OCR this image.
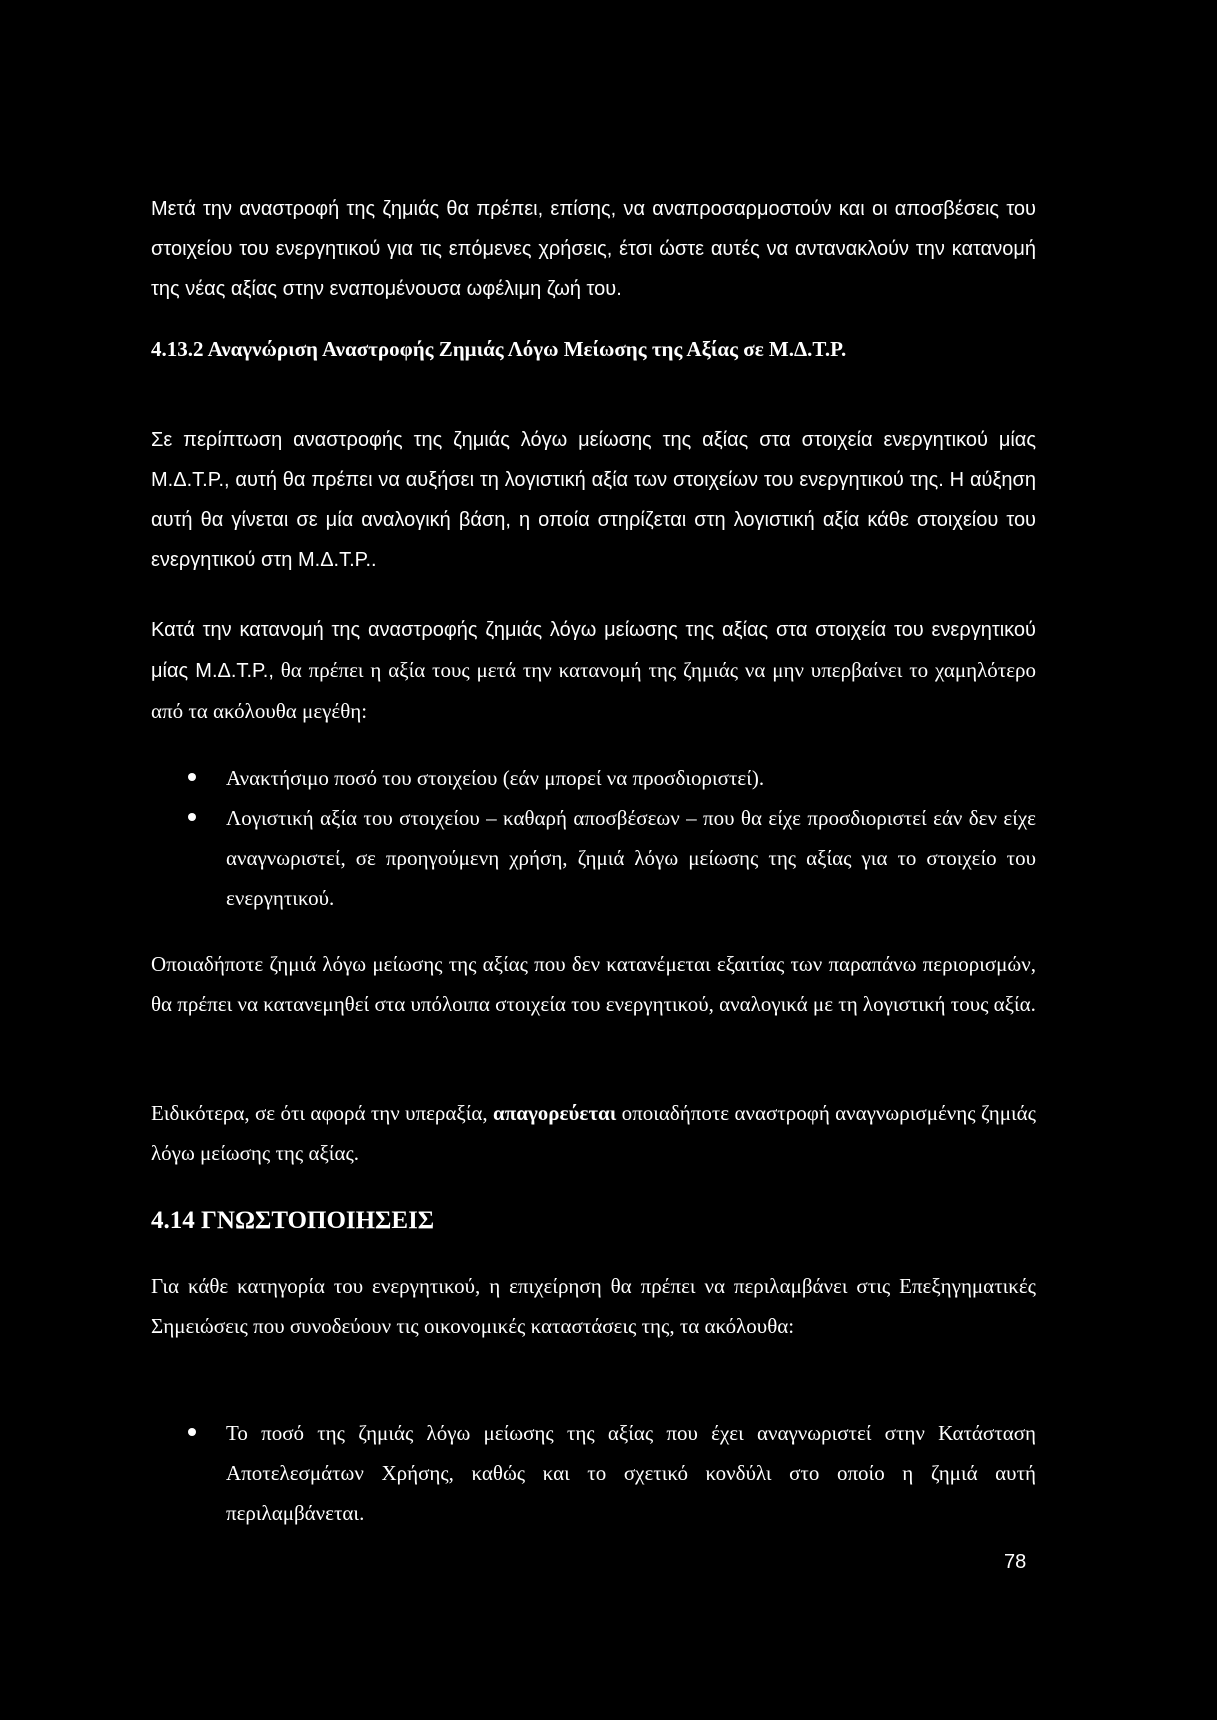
Μετά την αναστροφή της ζημιάς θα πρέπει, επίσης, να αναπροσαρμοστούν και οι αποσβέσεις του στοιχείου του ενεργητικού για τις επόμενες χρήσεις, έτσι ώστε αυτές να αντανακλούν την κατανομή της νέας αξίας στην εναπομένουσα ωφέλιμη ζωή του.

4.13.2 Αναγνώριση Αναστροφής Ζημιάς Λόγω Μείωσης της Αξίας σε Μ.Δ.Τ.Ρ.

Σε περίπτωση αναστροφής της ζημιάς λόγω μείωσης της αξίας στα στοιχεία ενεργητικού μίας Μ.Δ.Τ.Ρ., αυτή θα πρέπει να αυξήσει τη λογιστική αξία των στοιχείων του ενεργητικού της. Η αύξηση αυτή θα γίνεται σε μία αναλογική βάση, η οποία στηρίζεται στη λογιστική αξία κάθε στοιχείου του ενεργητικού στη Μ.Δ.Τ.Ρ..

Κατά την κατανομή της αναστροφής ζημιάς λόγω μείωσης της αξίας στα στοιχεία του ενεργητικού μίας Μ.Δ.Τ.Ρ., θα πρέπει η αξία τους μετά την κατανομή της ζημιάς να μην υπερβαίνει το χαμηλότερο από τα ακόλουθα μεγέθη:

Ανακτήσιμο ποσό του στοιχείου (εάν μπορεί να προσδιοριστεί).
Λογιστική αξία του στοιχείου – καθαρή αποσβέσεων – που θα είχε προσδιοριστεί εάν δεν είχε αναγνωριστεί, σε προηγούμενη χρήση, ζημιά λόγω μείωσης της αξίας για το στοιχείο του ενεργητικού.

Οποιαδήποτε ζημιά λόγω μείωσης της αξίας που δεν κατανέμεται εξαιτίας των παραπάνω περιορισμών, θα πρέπει να κατανεμηθεί στα υπόλοιπα στοιχεία του ενεργητικού, αναλογικά με τη λογιστική τους αξία.

Ειδικότερα, σε ότι αφορά την υπεραξία, απαγορεύεται οποιαδήποτε αναστροφή αναγνωρισμένης ζημιάς λόγω μείωσης της αξίας.

4.14 ΓΝΩΣΤΟΠΟΙΗΣΕΙΣ

Για κάθε κατηγορία του ενεργητικού, η επιχείρηση θα πρέπει να περιλαμβάνει στις Επεξηγηματικές Σημειώσεις που συνοδεύουν τις οικονομικές καταστάσεις της, τα ακόλουθα:

Το ποσό της ζημιάς λόγω μείωσης της αξίας που έχει αναγνωριστεί στην Κατάσταση Αποτελεσμάτων Χρήσης, καθώς και το σχετικό κονδύλι στο οποίο η ζημιά αυτή περιλαμβάνεται.
78
